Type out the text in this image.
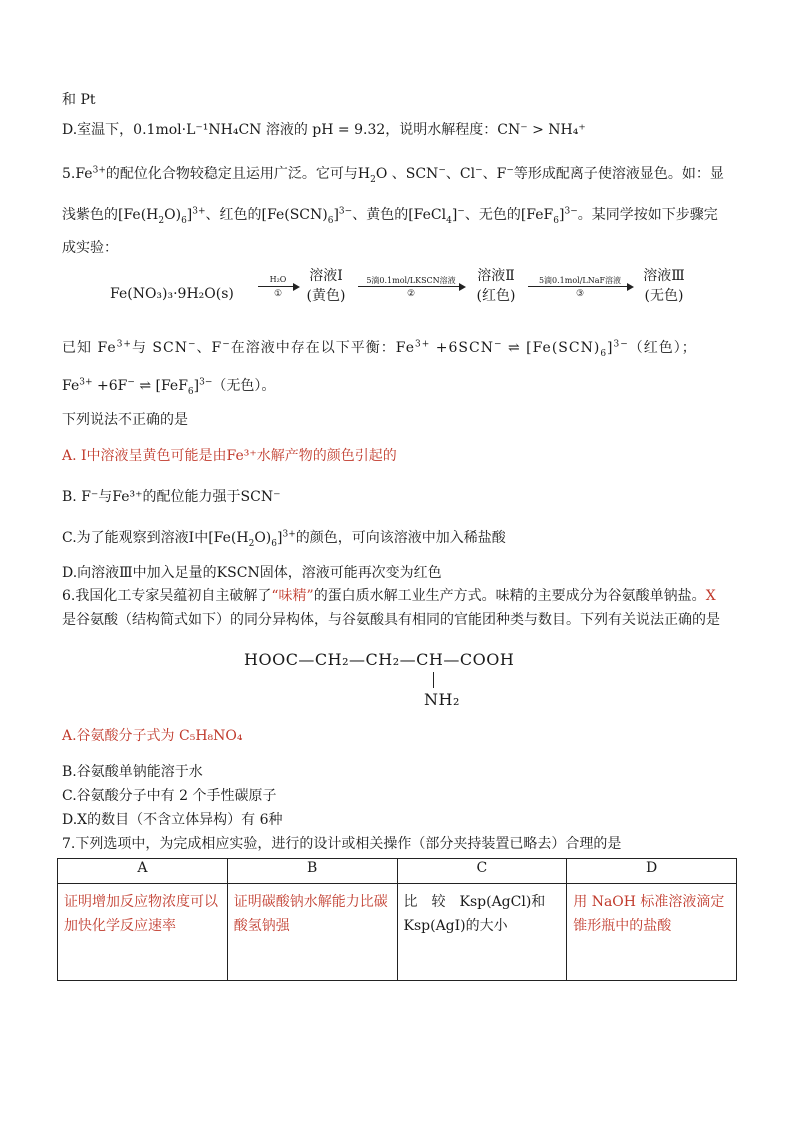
和 Pt
D.室温下，0.1mol·L⁻¹NH₄CN 溶液的 pH = 9.32，说明水解程度：CN⁻ > NH₄⁺
$5.Fe^{3+}$的配位化合物较稳定且运用广泛。它可与$H_2O$ 、SCN−、Cl−、F−等形成配离子使溶液显色。如：显
浅紫色的$[Fe(H_2O)_6]^{3+}$、红色的$[Fe(SCN)_6]^{3-}$、黄色的[FeCl$_4$]−、无色的$[FeF_6]^{3-}$。某同学按如下步骤完
成实验：
Fe(NO₃)₃·9H₂O(s)
H₂O
①
溶液Ⅰ
(黄色)
5滴0.1mol/LKSCN溶液
②
溶液Ⅱ
(红色)
5滴0.1mol/LNaF溶液
③
溶液Ⅲ
(无色)
已知 $Fe^{3+}$与 SCN−、F−在溶液中存在以下平衡：$Fe^{3+} +6SCN^-$ ⇌ $[Fe(SCN)_6]^{3-}$（红色）；
$Fe^{3+} +6F^-$ ⇌ $[FeF_6]^{3-}$（无色）。
下列说法不正确的是
A. Ⅰ中溶液呈黄色可能是由Fe³⁺水解产物的颜色引起的
B. F⁻与Fe³⁺的配位能力强于SCN⁻
C.为了能观察到溶液Ⅰ中$[Fe(H_2O)_6]^{3+}$的颜色，可向该溶液中加入稀盐酸
D.向溶液Ⅲ中加入足量的KSCN固体，溶液可能再次变为红色
6.我国化工专家吴蕴初自主破解了“味精”的蛋白质水解工业生产方式。味精的主要成分为谷氨酸单钠盐。X
是谷氨酸（结构简式如下）的同分异构体，与谷氨酸具有相同的官能团种类与数目。下列有关说法正确的是
HOOC—CH₂—CH₂—CH—COOH
NH₂
A.谷氨酸分子式为 C₅H₈NO₄
B.谷氨酸单钠能溶于水
C.谷氨酸分子中有 2 个手性碳原子
D.X的数目（不含立体异构）有 6种
7.下列选项中，为完成相应实验，进行的设计或相关操作（部分夹持装置已略去）合理的是
A	B	C	D
证明增加反应物浓度可以加快化学反应速率	证明碳酸钠水解能力比碳酸氢钠强	比　较　Ksp(AgCl)和 Ksp(AgI)的大小	用 NaOH 标准溶液滴定锥形瓶中的盐酸
